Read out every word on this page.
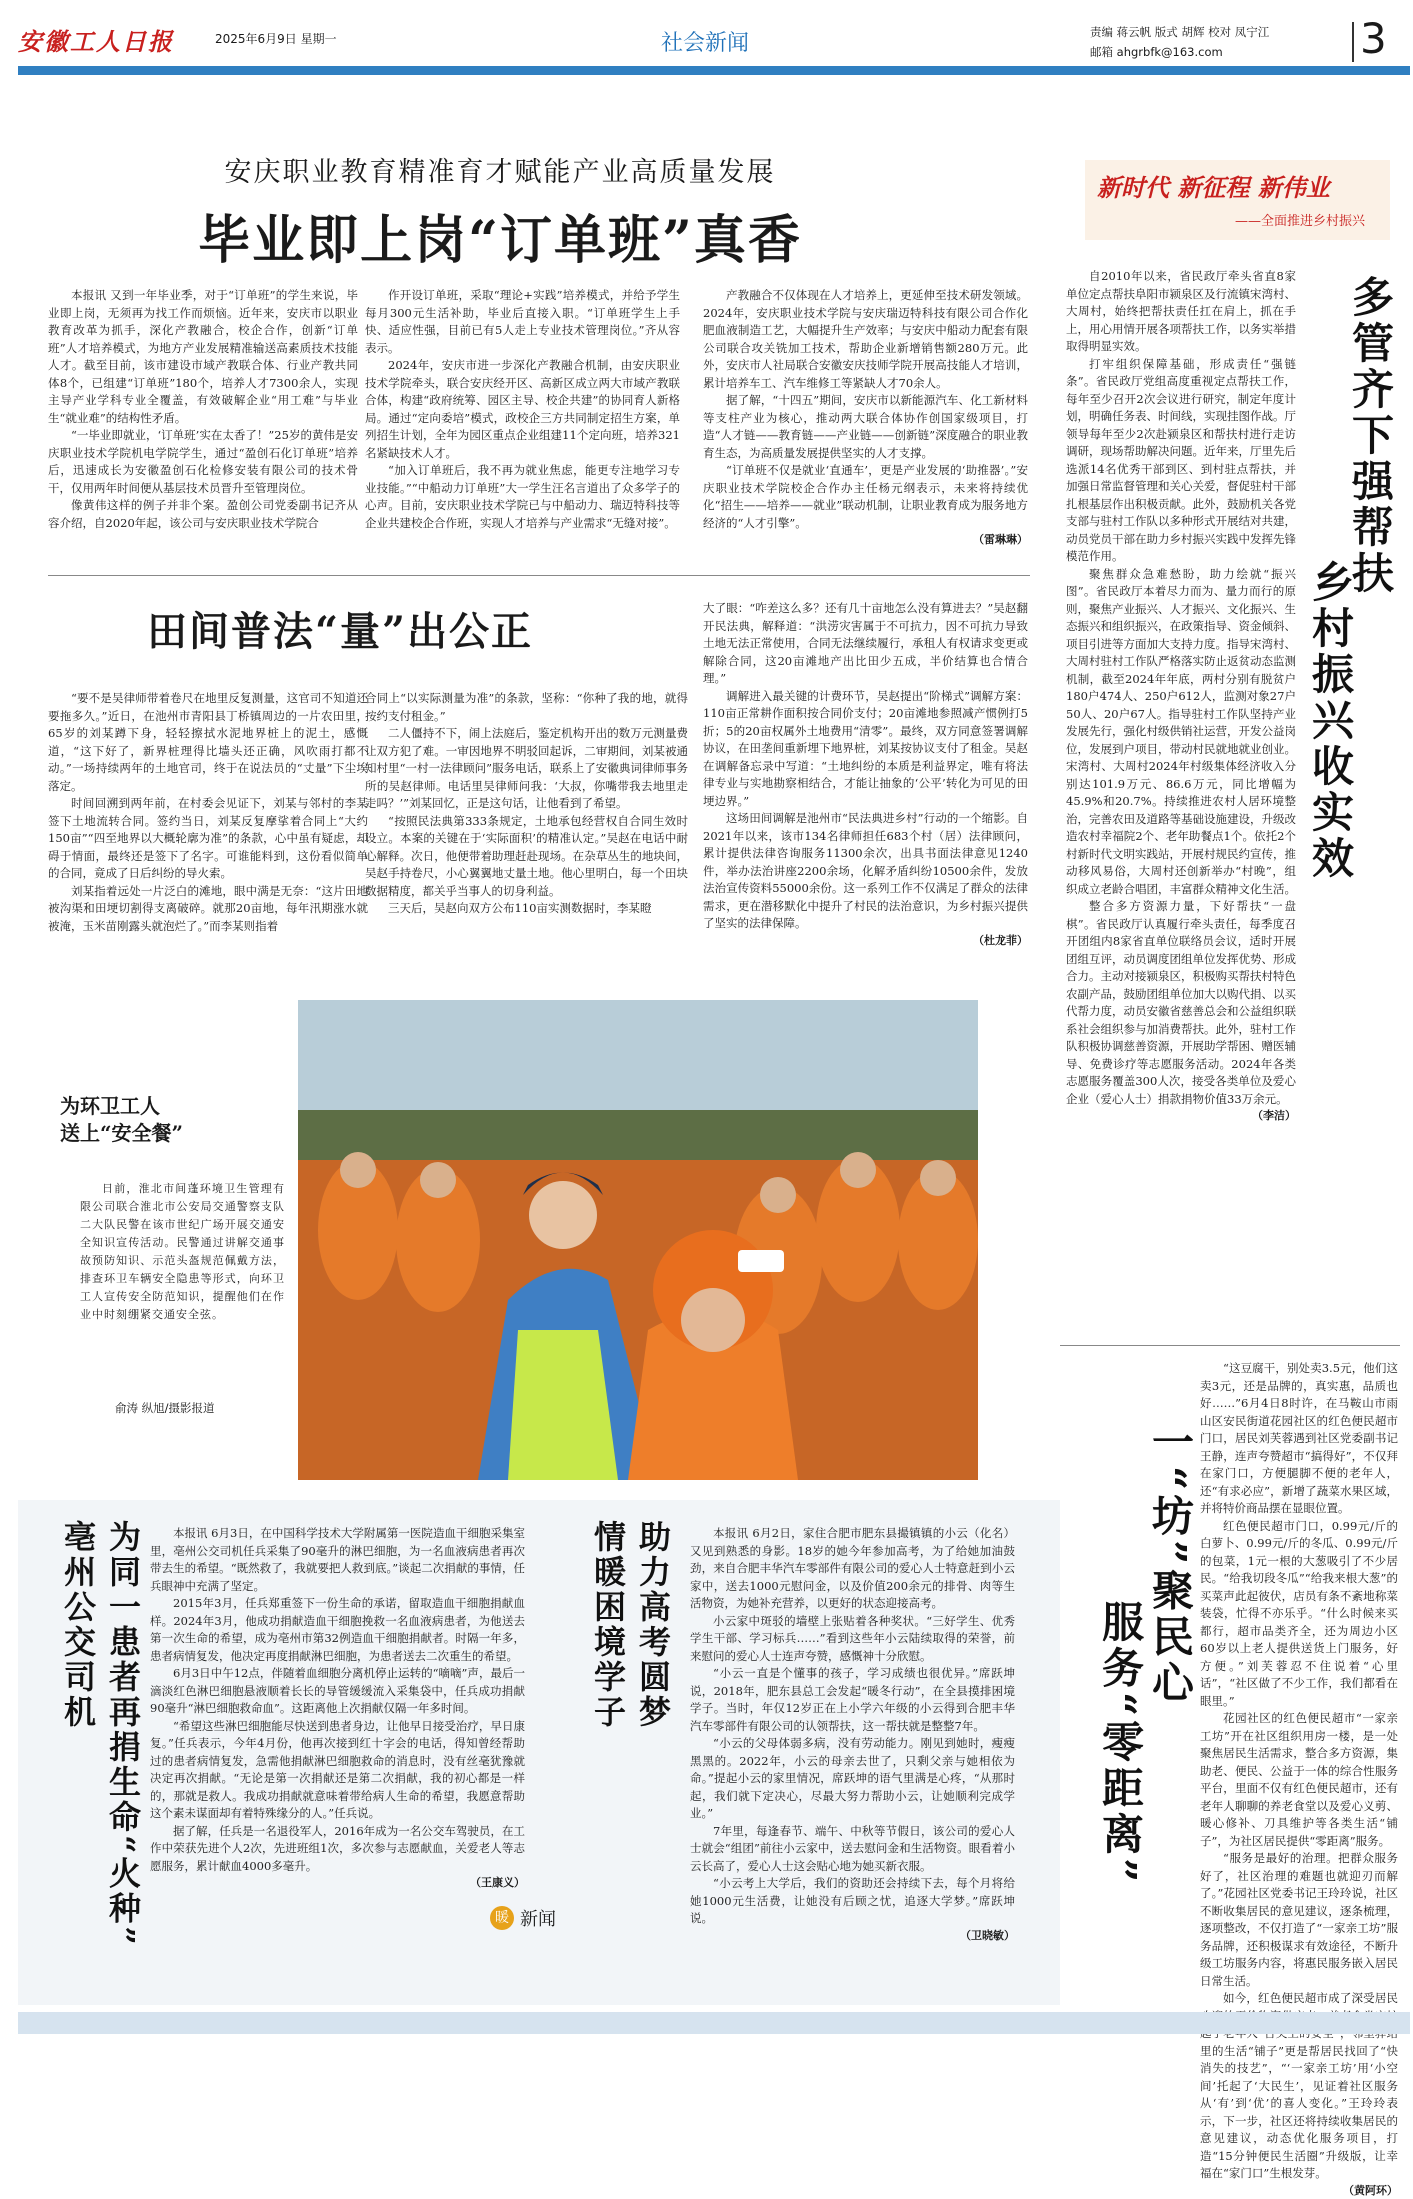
安徽工人日报	2025年6月9日 星期一	社会新闻	责编 蒋云帆 版式 胡辉 校对 凤宁江
邮箱 ahgrbfk@163.com	3
安庆职业教育精准育才赋能产业高质量发展
毕业即上岗“订单班”真香

本报讯 又到一年毕业季，对于“订单班”的学生来说，毕业即上岗，无须再为找工作而烦恼。近年来，安庆市以职业教育改革为抓手，深化产教融合，校企合作，创新“订单班”人才培养模式，为地方产业发展精准输送高素质技术技能人才。截至目前，该市建设市域产教联合体、行业产教共同体8个，已组建“订单班”180个，培养人才7300余人，实现主导产业学科专业全覆盖，有效破解企业“用工难”与毕业生“就业难”的结构性矛盾。

“一毕业即就业，‘订单班’实在太香了！”25岁的黄伟是安庆职业技术学院机电学院学生，通过“盈创石化订单班”培养后，迅速成长为安徽盈创石化检修安装有限公司的技术骨干，仅用两年时间便从基层技术员晋升至管理岗位。

像黄伟这样的例子并非个案。盈创公司党委副书记齐从容介绍，自2020年起，该公司与安庆职业技术学院合

作开设订单班，采取“理论+实践”培养模式，并给予学生每月300元生活补助，毕业后直接入职。“订单班学生上手快、适应性强，目前已有5人走上专业技术管理岗位。”齐从容表示。

2024年，安庆市进一步深化产教融合机制，由安庆职业技术学院牵头，联合安庆经开区、高新区成立两大市域产教联合体，构建“政府统筹、园区主导、校企共建”的协同育人新格局。通过“定向委培”模式，政校企三方共同制定招生方案，单列招生计划，全年为园区重点企业组建11个定向班，培养321名紧缺技术人才。

“加入订单班后，我不再为就业焦虑，能更专注地学习专业技能。”“中船动力订单班”大一学生汪名言道出了众多学子的心声。目前，安庆职业技术学院已与中船动力、瑞迈特科技等企业共建校企合作班，实现人才培养与产业需求“无缝对接”。

产教融合不仅体现在人才培养上，更延伸至技术研发领域。2024年，安庆职业技术学院与安庆瑞迈特科技有限公司合作化肥血液制造工艺，大幅提升生产效率；与安庆中船动力配套有限公司联合攻关铣加工技术，帮助企业新增销售额280万元。此外，安庆市人社局联合安徽安庆技师学院开展高技能人才培训，累计培养车工、汽车维修工等紧缺人才70余人。

据了解，“十四五”期间，安庆市以新能源汽车、化工新材料等支柱产业为核心，推动两大联合体协作创国家级项目，打造“人才链——教育链——产业链——创新链”深度融合的职业教育生态，为高质量发展提供坚实的人才支撑。

“订单班不仅是就业‘直通车’，更是产业发展的‘助推器’。”安庆职业技术学院校企合作办主任杨元纲表示，未来将持续优化“招生——培养——就业”联动机制，让职业教育成为服务地方经济的“人才引擎”。

（雷琳琳）

田间普法“量”出公正

“要不是吴律师带着卷尺在地里反复测量，这官司不知道还要拖多久。”近日，在池州市青阳县丁桥镇周边的一片农田里，65岁的刘某蹲下身，轻轻擦拭水泥地界桩上的泥土，感慨道，“这下好了，新界桩理得比墙头还正确，风吹雨打都不动。”一场持续两年的土地官司，终于在说法员的“丈量”下尘埃落定。

时间回溯到两年前，在村委会见证下，刘某与邻村的李某签下土地流转合同。签约当日，刘某反复摩挲着合同上“大约150亩”“四至地界以大概轮廓为准”的条款，心中虽有疑虑，却碍于情面，最终还是签下了名字。可谁能料到，这份看似简单的合同，竟成了日后纠纷的导火索。

刘某指着远处一片泛白的滩地，眼中满是无奈：“这片田地被沟渠和田埂切割得支离破碎。就那20亩地，每年汛期涨水就被淹，玉米苗刚露头就泡烂了。”而李某则指着

合同上“以实际测量为准”的条款，坚称：“你种了我的地，就得按约支付租金。”

二人僵持不下，闹上法庭后，鉴定机构开出的数万元测量费让双方犯了难。一审因地界不明驳回起诉，二审期间，刘某被通知村里“一村一法律顾问”服务电话，联系上了安徽典词律师事务所的吴赵律师。电话里吴律师问我：‘大叔，你嘴带我去地里走走吗？’”刘某回忆，正是这句话，让他看到了希望。

“按照民法典第333条规定，土地承包经营权自合同生效时设立。本案的关键在于‘实际面积’的精准认定。”吴赵在电话中耐心解释。次日，他便带着助理赶赴现场。在杂草丛生的地块间，吴赵手持卷尺，小心翼翼地丈量土地。他心里明白，每一个田块数据精度，都关乎当事人的切身利益。

三天后，吴赵向双方公布110亩实测数据时，李某瞪

大了眼：“咋差这么多？还有几十亩地怎么没有算进去？”吴赵翻开民法典，解释道：“洪涝灾害属于不可抗力，因不可抗力导致土地无法正常使用，合同无法继续履行，承租人有权请求变更或解除合同，这20亩滩地产出比田少五成，半价结算也合情合理。”

调解进入最关键的计费环节，吴赵提出“阶梯式”调解方案：110亩正常耕作面积按合同价支付；20亩滩地参照减产惯例打5折；5的20亩权属外土地费用“清零”。最终，双方同意签署调解协议，在田垄间重新埋下地界桩，刘某按协议支付了租金。吴赵在调解备忘录中写道：“土地纠纷的本质是利益界定，唯有将法律专业与实地勘察相结合，才能让抽象的‘公平’转化为可见的田埂边界。”

这场田间调解是池州市“民法典进乡村”行动的一个缩影。自2021年以来，该市134名律师担任683个村（居）法律顾问，累计提供法律咨询服务11300余次，出具书面法律意见1240件，举办法治讲座2200余场，化解矛盾纠纷10500余件，发放法治宣传资料55000余份。这一系列工作不仅满足了群众的法律需求，更在潜移默化中提升了村民的法治意识，为乡村振兴提供了坚实的法律保障。

（杜龙菲）

为环卫工人
送上“安全餐”

日前，淮北市间蓬环境卫生管理有限公司联合淮北市公安局交通警察支队二大队民警在该市世纪广场开展交通安全知识宣传活动。民警通过讲解交通事故预防知识、示范头盔规范佩戴方法，排查环卫车辆安全隐患等形式，向环卫工人宣传安全防范知识，提醒他们在作业中时刻绷紧交通安全弦。

俞涛 纵旭/摄影报道
新时代 新征程 新伟业
——全面推进乡村振兴

自2010年以来，省民政厅牵头省直8家单位定点帮扶阜阳市颍泉区及行流镇宋湾村、大周村，始终把帮扶责任扛在肩上，抓在手上，用心用情开展各项帮扶工作，以务实举措取得明显实效。

打牢组织保障基础，形成责任“强链条”。省民政厅党组高度重视定点帮扶工作，每年至少召开2次会议进行研究，制定年度计划，明确任务表、时间线，实现挂图作战。厅领导每年至少2次赴颍泉区和帮扶村进行走访调研，现场帮助解决问题。近年来，厅里先后选派14名优秀干部到区、到村驻点帮扶，并加强日常监督管理和关心关爱，督促驻村干部扎根基层作出积极贡献。此外，鼓励机关各党支部与驻村工作队以多种形式开展结对共建，动员党员干部在助力乡村振兴实践中发挥先锋模范作用。

聚焦群众急难愁盼，助力绘就“振兴图”。省民政厅本着尽力而为、量力而行的原则，聚焦产业振兴、人才振兴、文化振兴、生态振兴和组织振兴，在政策指导、资金倾斜、项目引进等方面加大支持力度。指导宋湾村、大周村驻村工作队严格落实防止返贫动态监测机制，截至2024年年底，两村分别有脱贫户180户474人、250户612人，监测对象27户50人、20户67人。指导驻村工作队坚持产业发展先行，强化村级供销社运营，开发公益岗位，发展到户项目，带动村民就地就业创业。宋湾村、大周村2024年村级集体经济收入分别达101.9万元、86.6万元，同比增幅为45.9%和20.7%。持续推进农村人居环境整治，完善农田及道路等基础设施建设，升级改造农村幸福院2个、老年助餐点1个。依托2个村新时代文明实践站，开展村规民约宣传，推动移风易俗，大周村还创新举办“村晚”，组织成立老龄合唱团，丰富群众精神文化生活。

整合多方资源力量，下好帮扶“一盘棋”。省民政厅认真履行牵头责任，每季度召开团组内8家省直单位联络员会议，适时开展团组互评，动员调度团组单位发挥优势、形成合力。主动对接颍泉区，积极购买帮扶村特色农副产品，鼓励团组单位加大以购代捐、以买代帮力度，动员安徽省慈善总会和公益组织联系社会组织参与加消费帮扶。此外，驻村工作队积极协调慈善资源，开展助学帮困、赠医辅导、免费诊疗等志愿服务活动。2024年各类志愿服务覆盖300人次，接受各类单位及爱心企业（爱心人士）捐款捐物价值33万余元。

（李洁）

多管齐下强帮扶
乡村振兴收实效
一“坊”聚民心
服务“零距离”

“这豆腐干，别处卖3.5元，他们这卖3元，还是品牌的，真实惠，品质也好……”6月4日8时许，在马鞍山市雨山区安民街道花园社区的红色便民超市门口，居民刘芙蓉遇到社区党委副书记王静，连声夸赞超市“搞得好”，不仅拜在家门口，方便腿脚不便的老年人，还“有求必应”，新增了蔬菜水果区域，并将特价商品摆在显眼位置。

红色便民超市门口，0.99元/斤的白萝卜、0.99元/斤的冬瓜、0.99元/斤的包菜，1元一根的大葱吸引了不少居民。“给我切段冬瓜”“给我来根大葱”的买菜声此起彼伏，店员有条不紊地称菜装袋，忙得不亦乐乎。“什么时候来买都行，超市品类齐全，还为周边小区60岁以上老人提供送货上门服务，好方便。”刘芙蓉忍不住说着“心里话”，“社区做了不少工作，我们都看在眼里。”

花园社区的红色便民超市“一家亲工坊”开在社区组织用房一楼，是一处聚焦居民生活需求，整合多方资源，集助老、便民、公益于一体的综合性服务平台，里面不仅有红色便民超市，还有老年人聊聊的养老食堂以及爱心义剪、暖心修补、刀具维护等各类生活“铺子”，为社区居民提供“零距离”服务。

“服务是最好的治理。把群众服务好了，社区治理的难题也就迎刃而解了。”花园社区党委书记王玲玲说，社区不断收集居民的意见建议，逐条梳理，逐项整改，不仅打造了“一家亲工坊”服务品牌，还积极谋求有效途径，不断升级工坊服务内容，将惠民服务嵌入居民日常生活。

如今，红色便民超市成了深受居民 里的生活“铺子”更是帮居民找回了“快消失的技艺”，“‘一家亲工坊’用‘小空间’托起了‘大民生’，见证着社区服务从‘有’到‘优’的喜人变化。”王玲玲表示，下一步，社区还将持续收集居民的意见建议，动态优化服务项目，打造“15分钟便民生活圈”升级版，让幸福在“家门口”生根发芽。

（黄阿环）

为同一患者再捐生命“火种”
亳州公交司机	本报讯 6月3日，在中国科学技术大学附属第一医院造血干细胞采集室里，亳州公交司机任兵采集了90毫升的淋巴细胞，为一名血液病患者再次带去生的希望。“既然救了，我就要把人救到底。”谈起二次捐献的事情，任兵眼神中充满了坚定。

2015年3月，任兵郑重签下一份生命的承诺，留取造血干细胞捐献血样。2024年3月，他成功捐献造血干细胞挽救一名血液病患者，为他送去第一次生命的希望，成为亳州市第32例造血干细胞捐献者。时隔一年多，患者病情复发，他决定再度捐献淋巴细胞，为患者送去二次重生的希望。

6月3日中午12点，伴随着血细胞分离机停止运转的“嘀嘀”声，最后一滴淡红色淋巴细胞悬液顺着长长的导管缓缓流入采集袋中，任兵成功捐献90毫升“淋巴细胞救命血”。这距离他上次捐献仅隔一年多时间。

“希望这些淋巴细胞能尽快送到患者身边，让他早日接受治疗，早日康复。”任兵表示，今年4月份，他再次接到红十字会的电话，得知曾经帮助过的患者病情复发，急需他捐献淋巴细胞救命的消息时，没有丝毫犹豫就决定再次捐献。“无论是第一次捐献还是第二次捐献，我的初心都是一样的，那就是救人。我成功捐献就意味着带给病人生命的希望，我愿意帮助这个素未谋面却有着特殊缘分的人。”任兵说。

据了解，任兵是一名退役军人，2016年成为一名公交车驾驶员，在工作中荣获先进个人2次，先进班组1次，多次参与志愿献血，关爱老人等志愿服务，累计献血4000多毫升。

（王康义）

助力高考圆梦
情暖困境学子	本报讯 6月2日，家住合肥市肥东县撮镇镇的小云（化名）又见到熟悉的身影。18岁的她今年参加高考，为了给她加油鼓劲，来自合肥丰华汽车零部件有限公司的爱心人士特意赶到小云家中，送去1000元慰问金，以及价值200余元的排骨、肉等生活物资，为她补充营养，以更好的状态迎接高考。

小云家中斑驳的墙壁上张贴着各种奖状。“三好学生、优秀学生干部、学习标兵……”看到这些年小云陆续取得的荣誉，前来慰问的爱心人士连声夸赞，感慨神十分欣慰。

“小云一直是个懂事的孩子，学习成绩也很优异。”席跃坤说，2018年，肥东县总工会发起“暖冬行动”，在全县摸排困境学子。当时，年仅12岁正在上小学六年级的小云得到合肥丰华汽车零部件有限公司的认领帮扶，这一帮扶就是整整7年。

“小云的父母体弱多病，没有劳动能力。刚见到她时，瘦瘦黑黑的。2022年，小云的母亲去世了，只剩父亲与她相依为命。”提起小云的家里情况，席跃坤的语气里满是心疼，“从那时起，我们就下定决心，尽最大努力帮助小云，让她顺利完成学业。”

7年里，每逢春节、端午、中秋等节假日，该公司的爱心人士就会“组团”前往小云家中，送去慰问金和生活物资。眼看着小云长高了，爱心人士这会贴心地为她买新衣服。

“小云考上大学后，我们的资助还会持续下去，每个月将给她1000元生活费，让她没有后顾之忧，追逐大学梦。”席跃坤说。

（卫晓敏）

暖 新闻
